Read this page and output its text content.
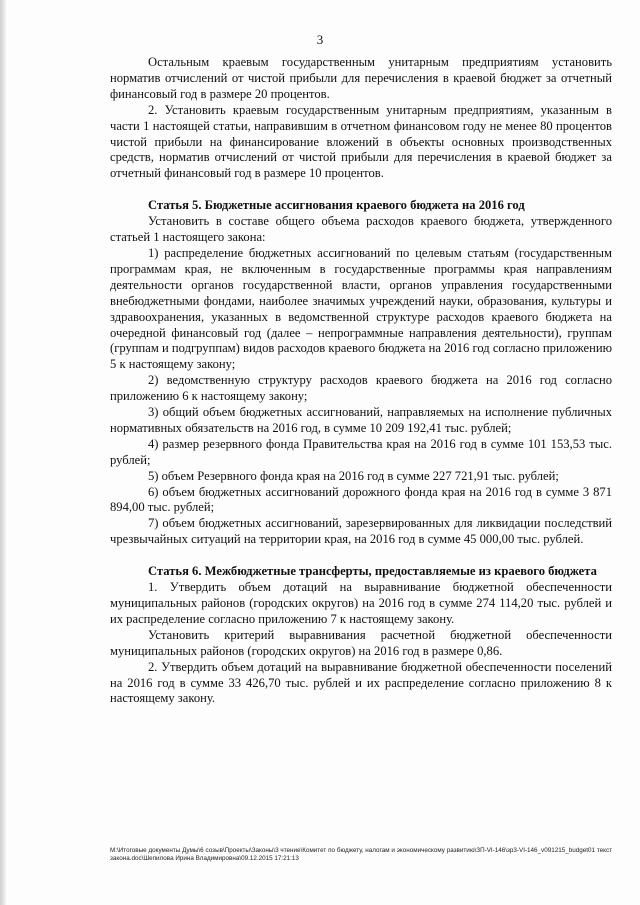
3

Остальным краевым государственным унитарным предприятиям установить норматив отчислений от чистой прибыли для перечисления в краевой бюджет за отчетный финансовый год в размере 20 процентов.

2. Установить краевым государственным унитарным предприятиям, указанным в части 1 настоящей статьи, направившим в отчетном финансовом году не менее 80 процентов чистой прибыли на финансирование вложений в объекты основных производственных средств, норматив отчислений от чистой прибыли для перечисления в краевой бюджет за отчетный финансовый год в размере 10 процентов.

Статья 5. Бюджетные ассигнования краевого бюджета на 2016 год

Установить в составе общего объема расходов краевого бюджета, утвержденного статьей 1 настоящего закона:

1) распределение бюджетных ассигнований по целевым статьям (государственным программам края, не включенным в государственные программы края направлениям деятельности органов государственной власти, органов управления государственными внебюджетными фондами, наиболее значимых учреждений науки, образования, культуры и здравоохранения, указанных в ведомственной структуре расходов краевого бюджета на очередной финансовый год (далее – непрограммные направления деятельности), группам (группам и подгруппам) видов расходов краевого бюджета на 2016 год согласно приложению 5 к настоящему закону;

2) ведомственную структуру расходов краевого бюджета на 2016 год согласно приложению 6 к настоящему закону;

3) общий объем бюджетных ассигнований, направляемых на исполнение публичных нормативных обязательств на 2016 год, в сумме 10 209 192,41 тыс. рублей;

4) размер резервного фонда Правительства края на 2016 год в сумме 101 153,53 тыс. рублей;

5) объем Резервного фонда края на 2016 год в сумме 227 721,91 тыс. рублей;

6) объем бюджетных ассигнований дорожного фонда края на 2016 год в сумме 3 871 894,00 тыс. рублей;

7) объем бюджетных ассигнований, зарезервированных для ликвидации последствий чрезвычайных ситуаций на территории края, на 2016 год в сумме 45 000,00 тыс. рублей.

Статья 6. Межбюджетные трансферты, предоставляемые из краевого бюджета

1. Утвердить объем дотаций на выравнивание бюджетной обеспеченности муниципальных районов (городских округов) на 2016 год в сумме 274 114,20 тыс. рублей и их распределение согласно приложению 7 к настоящему закону.

Установить критерий выравнивания расчетной бюджетной обеспеченности муниципальных районов (городских округов) на 2016 год в размере 0,86.

2. Утвердить объем дотаций на выравнивание бюджетной обеспеченности поселений на 2016 год в сумме 33 426,70 тыс. рублей и их распределение согласно приложению 8 к настоящему закону.

М:\Итоговые документы Думы\6 созыв\Проекты\Законы\3 чтение\Комитет по бюджету, налогам и экономическому развитию\ЗП-VI-146\зр3-VI-146_v091215_budget01 текст закона.doc\Шепилова Ирина Владимировна\09.12.2015 17:21:13
